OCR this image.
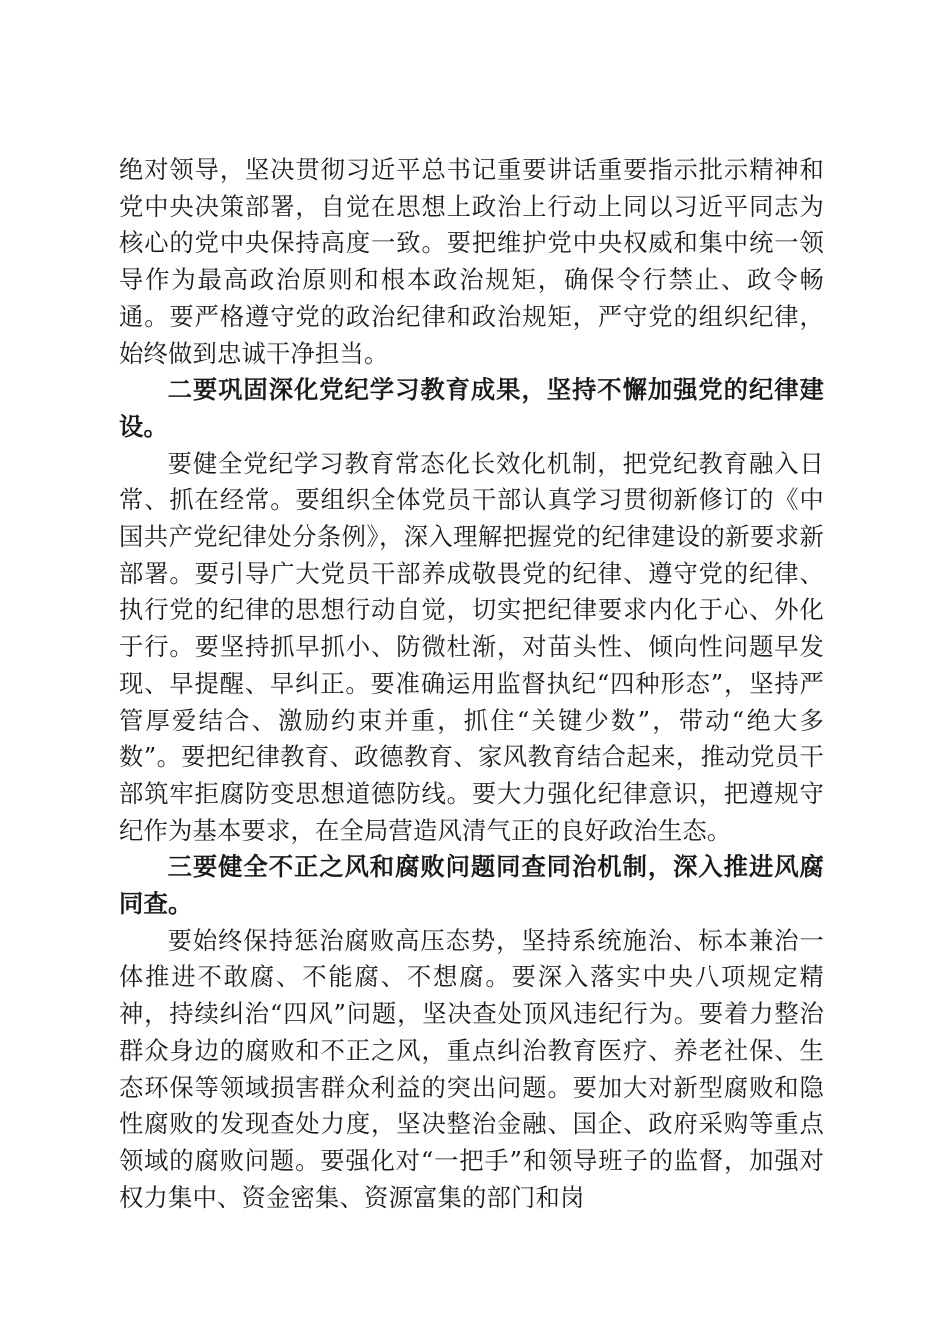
绝对领导，坚决贯彻习近平总书记重要讲话重要指示批示精神和党中央决策部署，自觉在思想上政治上行动上同以习近平同志为核心的党中央保持高度一致。要把维护党中央权威和集中统一领导作为最高政治原则和根本政治规矩，确保令行禁止、政令畅通。要严格遵守党的政治纪律和政治规矩，严守党的组织纪律，始终做到忠诚干净担当。

二要巩固深化党纪学习教育成果，坚持不懈加强党的纪律建设。

要健全党纪学习教育常态化长效化机制，把党纪教育融入日常、抓在经常。要组织全体党员干部认真学习贯彻新修订的《中国共产党纪律处分条例》，深入理解把握党的纪律建设的新要求新部署。要引导广大党员干部养成敬畏党的纪律、遵守党的纪律、执行党的纪律的思想行动自觉，切实把纪律要求内化于心、外化于行。要坚持抓早抓小、防微杜渐，对苗头性、倾向性问题早发现、早提醒、早纠正。要准确运用监督执纪“四种形态”，坚持严管厚爱结合、激励约束并重，抓住“关键少数”，带动“绝大多数”。要把纪律教育、政德教育、家风教育结合起来，推动党员干部筑牢拒腐防变思想道德防线。要大力强化纪律意识，把遵规守纪作为基本要求，在全局营造风清气正的良好政治生态。

三要健全不正之风和腐败问题同查同治机制，深入推进风腐同查。

要始终保持惩治腐败高压态势，坚持系统施治、标本兼治一体推进不敢腐、不能腐、不想腐。要深入落实中央八项规定精神，持续纠治“四风”问题，坚决查处顶风违纪行为。要着力整治群众身边的腐败和不正之风，重点纠治教育医疗、养老社保、生态环保等领域损害群众利益的突出问题。要加大对新型腐败和隐性腐败的发现查处力度，坚决整治金融、国企、政府采购等重点领域的腐败问题。要强化对“一把手”和领导班子的监督，加强对权力集中、资金密集、资源富集的部门和岗
